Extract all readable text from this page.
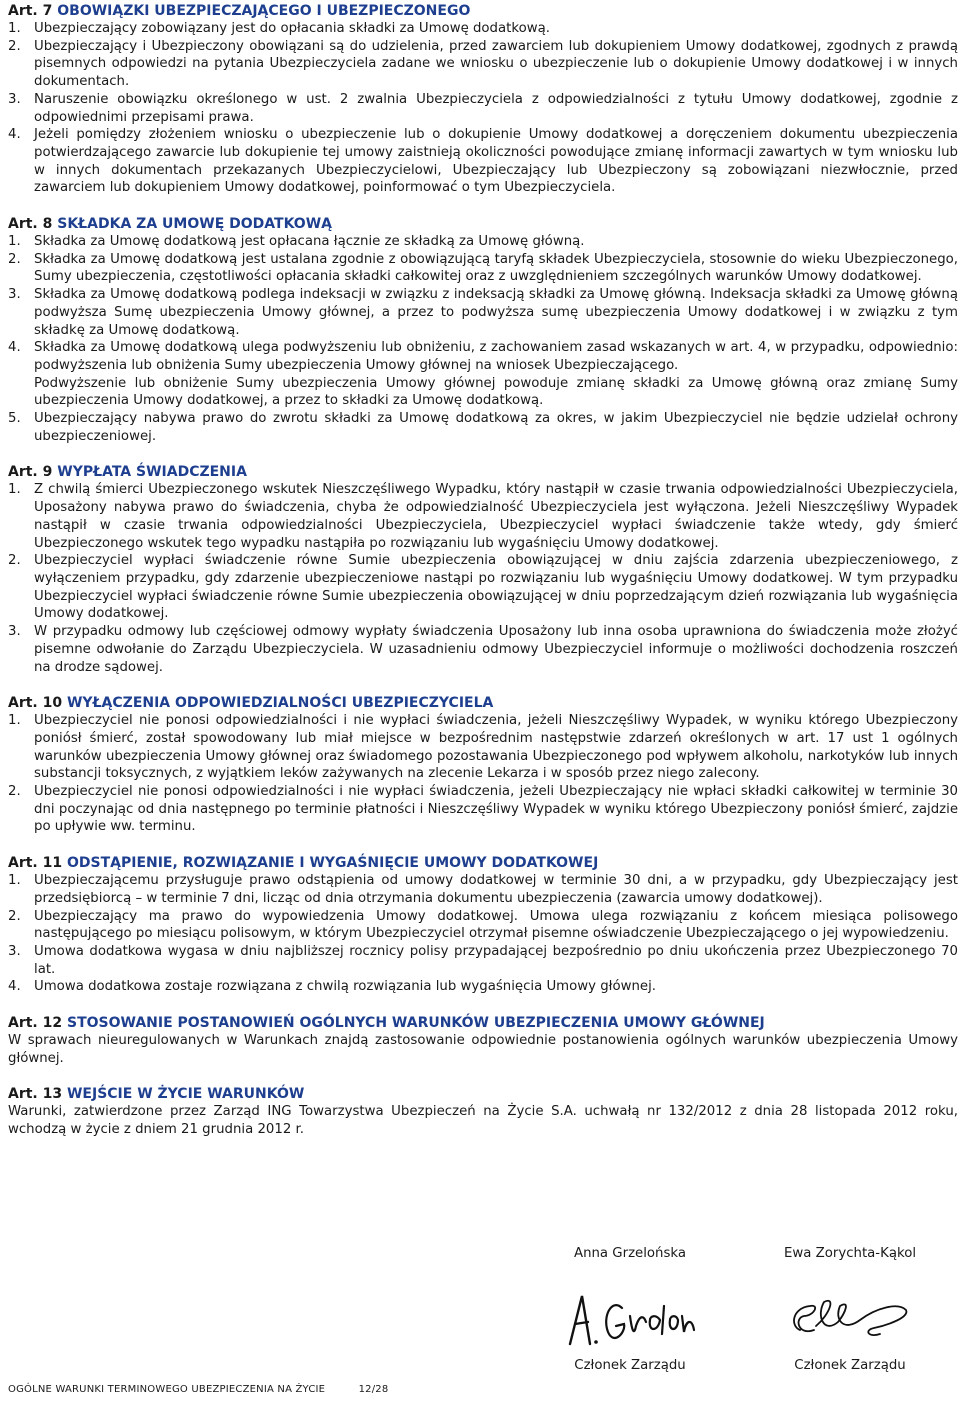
Art. 7 OBOWIĄZKI UBEZPIECZAJĄCEGO I UBEZPIECZONEGO
1.	Ubezpieczający zobowiązany jest do opłacania składki za Umowę dodatkową.

2.	Ubezpieczający i Ubezpieczony obowiązani są do udzielenia, przed zawarciem lub dokupieniem Umowy dodatkowej, zgodnych z prawdą pisemnych odpowiedzi na pytania Ubezpieczyciela zadane we wniosku o ubezpieczenie lub o dokupienie Umowy dodatkowej i w innych dokumentach.

3.	Naruszenie obowiązku określonego w ust. 2 zwalnia Ubezpieczyciela z odpowiedzialności z tytułu Umowy dodatkowej, zgodnie z odpowiednimi przepisami prawa.

4.	Jeżeli pomiędzy złożeniem wniosku o ubezpieczenie lub o dokupienie Umowy dodatkowej a doręczeniem dokumentu ubezpieczenia potwierdzającego zawarcie lub dokupienie tej umowy zaistnieją okoliczności powodujące zmianę informacji zawartych w tym wniosku lub w innych dokumentach przekazanych Ubezpieczycielowi, Ubezpieczający lub Ubezpieczony są zobowiązani niezwłocznie, przed zawarciem lub dokupieniem Umowy dodatkowej, poinformować o tym Ubezpieczyciela.

Art. 8 SKŁADKA ZA UMOWĘ DODATKOWĄ
1.	Składka za Umowę dodatkową jest opłacana łącznie ze składką za Umowę główną.

2.	Składka za Umowę dodatkową jest ustalana zgodnie z obowiązującą taryfą składek Ubezpieczyciela, stosownie do wieku Ubezpieczonego, Sumy ubezpieczenia, częstotliwości opłacania składki całkowitej oraz z uwzględnieniem szczególnych warunków Umowy dodatkowej.

3.	Składka za Umowę dodatkową podlega indeksacji w związku z indeksacją składki za Umowę główną. Indeksacja składki za Umowę główną podwyższa Sumę ubezpieczenia Umowy głównej, a przez to podwyższa sumę ubezpieczenia Umowy dodatkowej i w związku z tym składkę za Umowę dodatkową.

4.	Składka za Umowę dodatkową ulega podwyższeniu lub obniżeniu, z zachowaniem zasad wskazanych w art. 4, w przypadku, odpowiednio: podwyższenia lub obniżenia Sumy ubezpieczenia Umowy głównej na wniosek Ubezpieczającego.

Podwyższenie lub obniżenie Sumy ubezpieczenia Umowy głównej powoduje zmianę składki za Umowę główną oraz zmianę Sumy ubezpieczenia Umowy dodatkowej, a przez to składki za Umowę dodatkową.

5.	Ubezpieczający nabywa prawo do zwrotu składki za Umowę dodatkową za okres, w jakim Ubezpieczyciel nie będzie udzielał ochrony ubezpieczeniowej.

Art. 9 WYPŁATA ŚWIADCZENIA
1.	Z chwilą śmierci Ubezpieczonego wskutek Nieszczęśliwego Wypadku, który nastąpił w czasie trwania odpowiedzialności Ubezpieczyciela, Uposażony nabywa prawo do świadczenia, chyba że odpowiedzialność Ubezpieczyciela jest wyłączona. Jeżeli Nieszczęśliwy Wypadek nastąpił w czasie trwania odpowiedzialności Ubezpieczyciela, Ubezpieczyciel wypłaci świadczenie także wtedy, gdy śmierć Ubezpieczonego wskutek tego wypadku nastąpiła po rozwiązaniu lub wygaśnięciu Umowy dodatkowej.

2.	Ubezpieczyciel wypłaci świadczenie równe Sumie ubezpieczenia obowiązującej w dniu zajścia zdarzenia ubezpieczeniowego, z wyłączeniem przypadku, gdy zdarzenie ubezpieczeniowe nastąpi po rozwiązaniu lub wygaśnięciu Umowy dodatkowej. W tym przypadku Ubezpieczyciel wypłaci świadczenie równe Sumie ubezpieczenia obowiązującej w dniu poprzedzającym dzień rozwiązania lub wygaśnięcia Umowy dodatkowej.

3.	W przypadku odmowy lub częściowej odmowy wypłaty świadczenia Uposażony lub inna osoba uprawniona do świadczenia może złożyć pisemne odwołanie do Zarządu Ubezpieczyciela. W uzasadnieniu odmowy Ubezpieczyciel informuje o możliwości dochodzenia roszczeń na drodze sądowej.

Art. 10 WYŁĄCZENIA ODPOWIEDZIALNOŚCI UBEZPIECZYCIELA
1.	Ubezpieczyciel nie ponosi odpowiedzialności i nie wypłaci świadczenia, jeżeli Nieszczęśliwy Wypadek, w wyniku którego Ubezpieczony poniósł śmierć, został spowodowany lub miał miejsce w bezpośrednim następstwie zdarzeń określonych w art. 17 ust 1 ogólnych warunków ubezpieczenia Umowy głównej oraz świadomego pozostawania Ubezpieczonego pod wpływem alkoholu, narkotyków lub innych substancji toksycznych, z wyjątkiem leków zażywanych na zlecenie Lekarza i w sposób przez niego zalecony.

2.	Ubezpieczyciel nie ponosi odpowiedzialności i nie wypłaci świadczenia, jeżeli Ubezpieczający nie wpłaci składki całkowitej w terminie 30 dni poczynając od dnia następnego po terminie płatności i Nieszczęśliwy Wypadek w wyniku którego Ubezpieczony poniósł śmierć, zajdzie po upływie ww. terminu.

Art. 11 ODSTĄPIENIE, ROZWIĄZANIE I WYGAŚNIĘCIE UMOWY DODATKOWEJ
1.	Ubezpieczającemu przysługuje prawo odstąpienia od umowy dodatkowej w terminie 30 dni, a w przypadku, gdy Ubezpieczający jest przedsiębiorcą – w terminie 7 dni, licząc od dnia otrzymania dokumentu ubezpieczenia (zawarcia umowy dodatkowej).

2.	Ubezpieczający ma prawo do wypowiedzenia Umowy dodatkowej. Umowa ulega rozwiązaniu z końcem miesiąca polisowego następującego po miesiącu polisowym, w którym Ubezpieczyciel otrzymał pisemne oświadczenie Ubezpieczającego o jej wypowiedzeniu.

3.	Umowa dodatkowa wygasa w dniu najbliższej rocznicy polisy przypadającej bezpośrednio po dniu ukończenia przez Ubezpieczonego 70 lat.

4.	Umowa dodatkowa zostaje rozwiązana z chwilą rozwiązania lub wygaśnięcia Umowy głównej.

Art. 12 STOSOWANIE POSTANOWIEŃ OGÓLNYCH WARUNKÓW UBEZPIECZENIA UMOWY GŁÓWNEJ

W sprawach nieuregulowanych w Warunkach znajdą zastosowanie odpowiednie postanowienia ogólnych warunków ubezpieczenia Umowy głównej.

Art. 13 WEJŚCIE W ŻYCIE WARUNKÓW

Warunki, zatwierdzone przez Zarząd ING Towarzystwa Ubezpieczeń na Życie S.A. uchwałą nr 132/2012 z dnia 28 listopada 2012 roku, wchodzą w życie z dniem 21 grudnia 2012 r.

Anna Grzelońska
Członek Zarządu
Ewa Zorychta-Kąkol
Członek Zarządu
OGÓLNE WARUNKI TERMINOWEGO UBEZPIECZENIA NA ŻYCIE	12/28
